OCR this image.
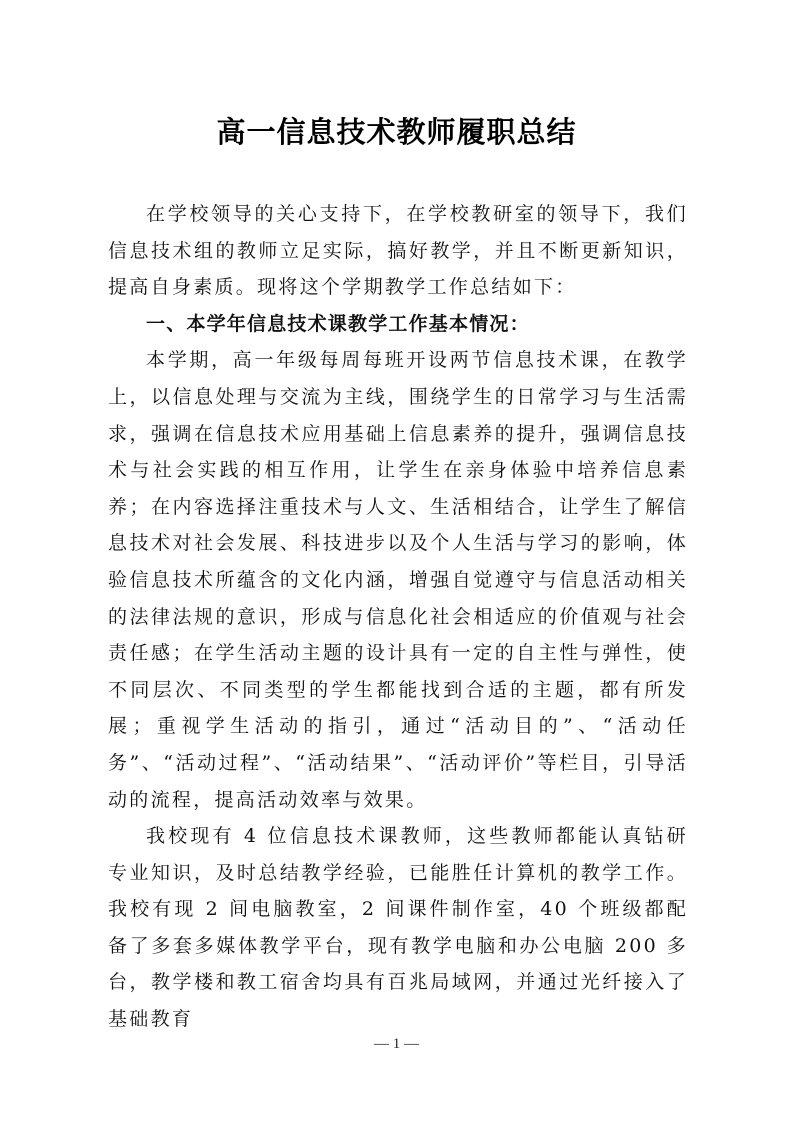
高一信息技术教师履职总结

在学校领导的关心支持下，在学校教研室的领导下，我们信息技术组的教师立足实际，搞好教学，并且不断更新知识，提高自身素质。现将这个学期教学工作总结如下：

一、本学年信息技术课教学工作基本情况：

本学期，高一年级每周每班开设两节信息技术课，在教学上，以信息处理与交流为主线，围绕学生的日常学习与生活需求，强调在信息技术应用基础上信息素养的提升，强调信息技术与社会实践的相互作用，让学生在亲身体验中培养信息素养；在内容选择注重技术与人文、生活相结合，让学生了解信息技术对社会发展、科技进步以及个人生活与学习的影响，体验信息技术所蕴含的文化内涵，增强自觉遵守与信息活动相关的法律法规的意识，形成与信息化社会相适应的价值观与社会责任感；在学生活动主题的设计具有一定的自主性与弹性，使不同层次、不同类型的学生都能找到合适的主题，都有所发展；重视学生活动的指引，通过“活动目的”、“活动任务”、“活动过程”、“活动结果”、“活动评价”等栏目，引导活动的流程，提高活动效率与效果。

我校现有 4 位信息技术课教师，这些教师都能认真钻研专业知识，及时总结教学经验，已能胜任计算机的教学工作。我校有现 2 间电脑教室，2 间课件制作室，40 个班级都配备了多套多媒体教学平台，现有教学电脑和办公电脑 200 多台，教学楼和教工宿舍均具有百兆局域网，并通过光纤接入了基础教育

— 1 —
